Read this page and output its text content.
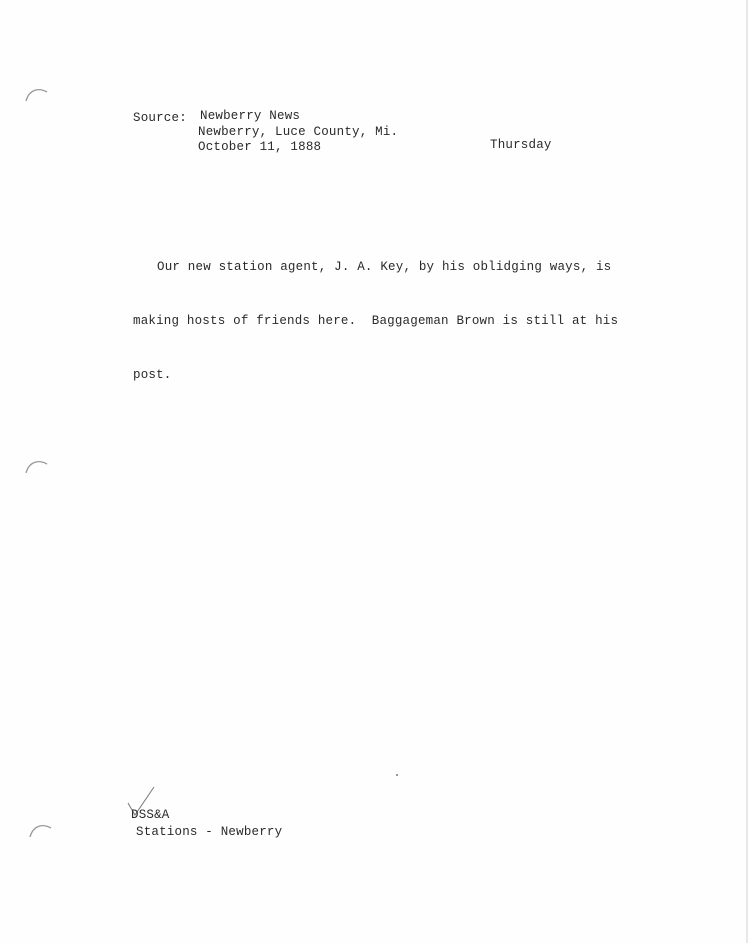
Source: Newberry News
Newberry, Luce County, Mi.
October 11, 1888	Thursday

Our new station agent, J. A. Key, by his oblidging ways, is

making hosts of friends here.  Baggageman Brown is still at his

post.

DSS&A
Stations - Newberry
